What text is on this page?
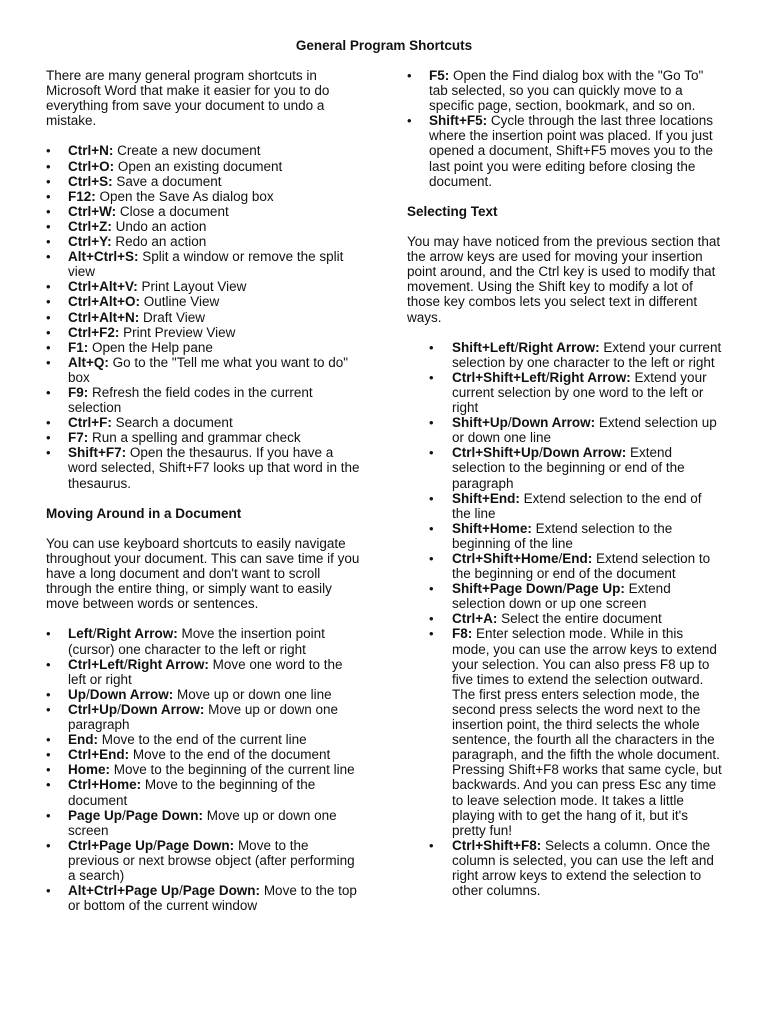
General Program Shortcuts

There are many general program shortcuts in Microsoft Word that make it easier for you to do everything from save your document to undo a mistake.

• Ctrl+N: Create a new document
• Ctrl+O: Open an existing document
• Ctrl+S: Save a document
• F12: Open the Save As dialog box
• Ctrl+W: Close a document
• Ctrl+Z: Undo an action
• Ctrl+Y: Redo an action
• Alt+Ctrl+S: Split a window or remove the split view
• Ctrl+Alt+V: Print Layout View
• Ctrl+Alt+O: Outline View
• Ctrl+Alt+N: Draft View
• Ctrl+F2: Print Preview View
• F1: Open the Help pane
• Alt+Q: Go to the "Tell me what you want to do" box
• F9: Refresh the field codes in the current selection
• Ctrl+F: Search a document
• F7: Run a spelling and grammar check
• Shift+F7: Open the thesaurus. If you have a word selected, Shift+F7 looks up that word in the thesaurus.
Moving Around in a Document

You can use keyboard shortcuts to easily navigate throughout your document. This can save time if you have a long document and don't want to scroll through the entire thing, or simply want to easily move between words or sentences.

• Left/Right Arrow: Move the insertion point (cursor) one character to the left or right
• Ctrl+Left/Right Arrow: Move one word to the left or right
• Up/Down Arrow: Move up or down one line
• Ctrl+Up/Down Arrow: Move up or down one paragraph
• End: Move to the end of the current line
• Ctrl+End: Move to the end of the document
• Home: Move to the beginning of the current line
• Ctrl+Home: Move to the beginning of the document
• Page Up/Page Down: Move up or down one screen
• Ctrl+Page Up/Page Down: Move to the previous or next browse object (after performing a search)
• Alt+Ctrl+Page Up/Page Down: Move to the top or bottom of the current window
• F5: Open the Find dialog box with the "Go To" tab selected, so you can quickly move to a specific page, section, bookmark, and so on.
• Shift+F5: Cycle through the last three locations where the insertion point was placed. If you just opened a document, Shift+F5 moves you to the last point you were editing before closing the document.
Selecting Text

You may have noticed from the previous section that the arrow keys are used for moving your insertion point around, and the Ctrl key is used to modify that movement. Using the Shift key to modify a lot of those key combos lets you select text in different ways.

• Shift+Left/Right Arrow: Extend your current selection by one character to the left or right
• Ctrl+Shift+Left/Right Arrow: Extend your current selection by one word to the left or right
• Shift+Up/Down Arrow: Extend selection up or down one line
• Ctrl+Shift+Up/Down Arrow: Extend selection to the beginning or end of the paragraph
• Shift+End: Extend selection to the end of the line
• Shift+Home: Extend selection to the beginning of the line
• Ctrl+Shift+Home/End: Extend selection to the beginning or end of the document
• Shift+Page Down/Page Up: Extend selection down or up one screen
• Ctrl+A: Select the entire document
• F8: Enter selection mode. While in this mode, you can use the arrow keys to extend your selection. You can also press F8 up to five times to extend the selection outward. The first press enters selection mode, the second press selects the word next to the insertion point, the third selects the whole sentence, the fourth all the characters in the paragraph, and the fifth the whole document. Pressing Shift+F8 works that same cycle, but backwards. And you can press Esc any time to leave selection mode. It takes a little playing with to get the hang of it, but it's pretty fun!
• Ctrl+Shift+F8: Selects a column. Once the column is selected, you can use the left and right arrow keys to extend the selection to other columns.
